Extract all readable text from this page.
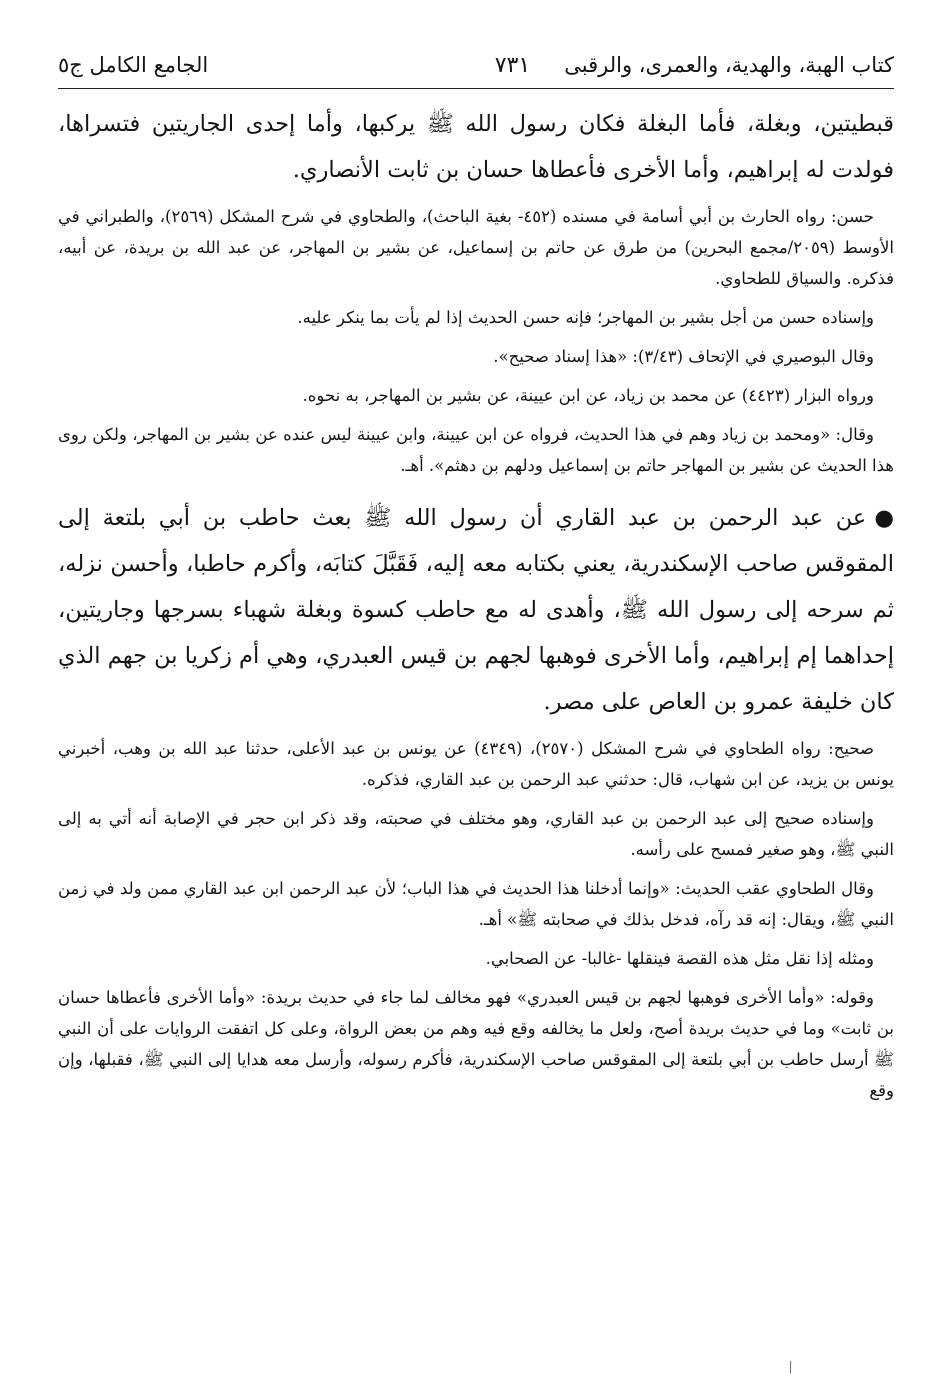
كتاب الهبة، والهدية، والعمرى، والرقبى
٧٣١
الجامع الكامل ج٥

قبطيتين، وبغلة، فأما البغلة فكان رسول الله ﷺ يركبها، وأما إحدى الجاريتين فتسراها، فولدت له إبراهيم، وأما الأخرى فأعطاها حسان بن ثابت الأنصاري.

حسن: رواه الحارث بن أبي أسامة في مسنده (٤٥٢- بغية الباحث)، والطحاوي في شرح المشكل (٢٥٦٩)، والطبراني في الأوسط (٢٠٥٩/مجمع البحرين) من طرق عن حاتم بن إسماعيل، عن بشير بن المهاجر، عن عبد الله بن بريدة، عن أبيه، فذكره. والسياق للطحاوي.

وإسناده حسن من أجل بشير بن المهاجر؛ فإنه حسن الحديث إذا لم يأت بما ينكر عليه.

وقال البوصيري في الإتحاف (٣/٤٣): «هذا إسناد صحيح».

ورواه البزار (٤٤٢٣) عن محمد بن زياد، عن ابن عيينة، عن بشير بن المهاجر، به نحوه.

وقال: «ومحمد بن زياد وهم في هذا الحديث، فرواه عن ابن عيينة، وابن عيينة ليس عنده عن بشير بن المهاجر، ولكن روى هذا الحديث عن بشير بن المهاجر حاتم بن إسماعيل ودلهم بن دهثم». أهـ.

●عن عبد الرحمن بن عبد القاري أن رسول الله ﷺ بعث حاطب بن أبي بلتعة إلى المقوقس صاحب الإسكندرية، يعني بكتابه معه إليه، فَقَبَّلَ كتابَه، وأكرم حاطبا، وأحسن نزله، ثم سرحه إلى رسول الله ﷺ، وأهدى له مع حاطب كسوة وبغلة شهباء بسرجها وجاريتين، إحداهما إم إبراهيم، وأما الأخرى فوهبها لجهم بن قيس العبدري، وهي أم زكريا بن جهم الذي كان خليفة عمرو بن العاص على مصر.

صحيح: رواه الطحاوي في شرح المشكل (٢٥٧٠)، (٤٣٤٩) عن يونس بن عبد الأعلى، حدثنا عبد الله بن وهب، أخبرني يونس بن يزيد، عن ابن شهاب، قال: حدثني عبد الرحمن بن عبد القاري، فذكره.

وإسناده صحيح إلى عبد الرحمن بن عبد القاري، وهو مختلف في صحبته، وقد ذكر ابن حجر في الإصابة أنه أتي به إلى النبي ﷺ، وهو صغير فمسح على رأسه.

وقال الطحاوي عقب الحديث: «وإنما أدخلنا هذا الحديث في هذا الباب؛ لأن عبد الرحمن ابن عبد القاري ممن ولد في زمن النبي ﷺ، ويقال: إنه قد رآه، فدخل بذلك في صحابته ﷺ» أهـ.

ومثله إذا نقل مثل هذه القصة فينقلها -غالبا- عن الصحابي.

وقوله: «وأما الأخرى فوهبها لجهم بن قيس العبدري» فهو مخالف لما جاء في حديث بريدة: «وأما الأخرى فأعطاها حسان بن ثابت» وما في حديث بريدة أصح، ولعل ما يخالفه وقع فيه وهم من بعض الرواة، وعلى كل اتفقت الروايات على أن النبي ﷺ أرسل حاطب بن أبي بلتعة إلى المقوقس صاحب الإسكندرية، فأكرم رسوله، وأرسل معه هدايا إلى النبي ﷺ، فقبلها، وإن وقع

⁄
